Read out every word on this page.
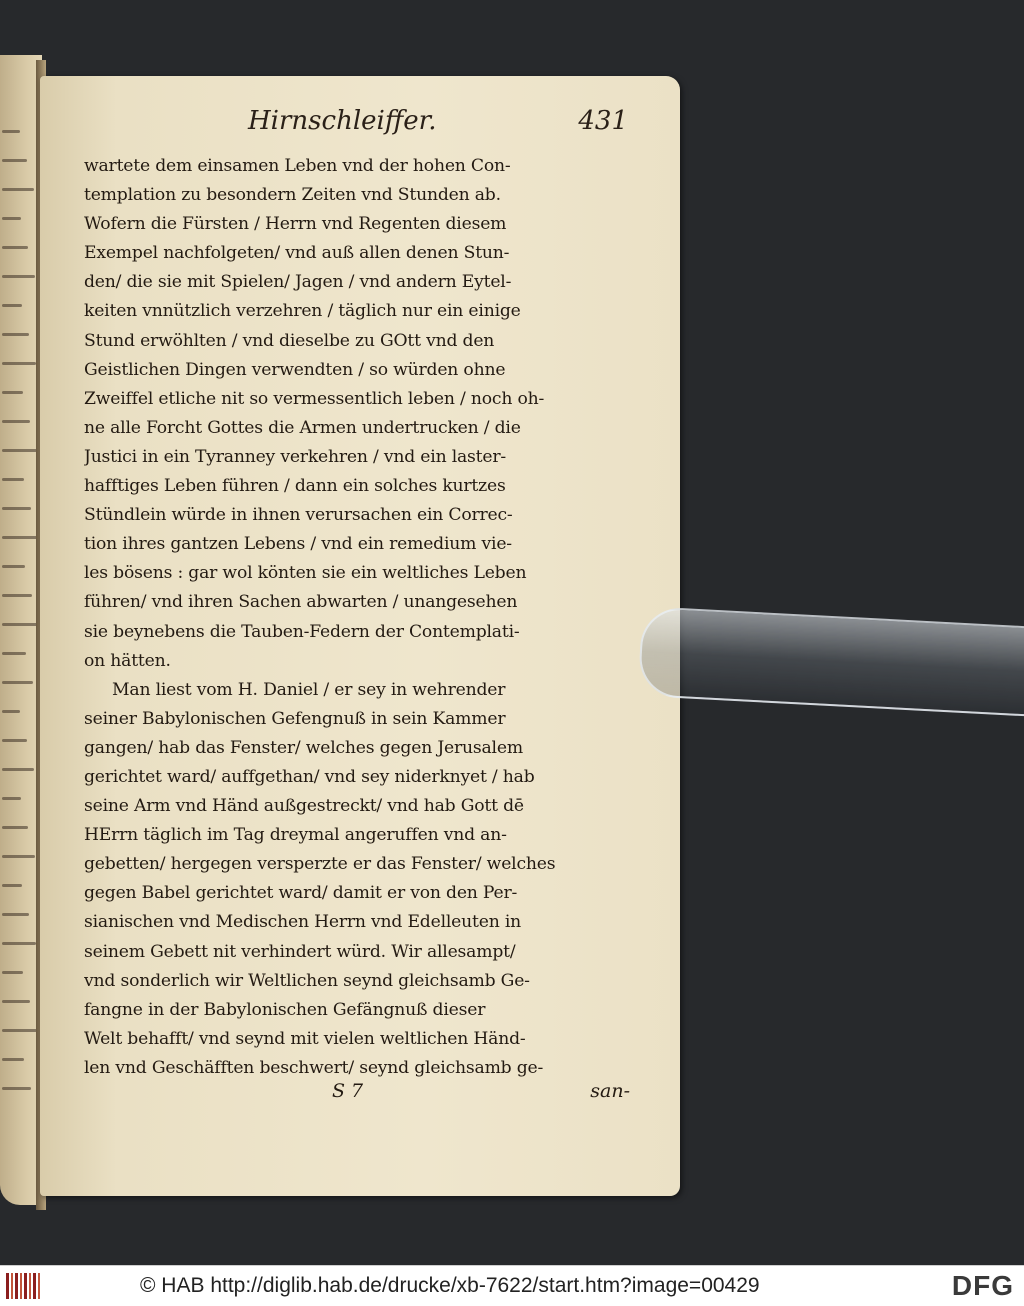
Hirnschleiffer.	431
wartete dem einsamen Leben vnd der hohen Con-
templation zu besondern Zeiten vnd Stunden ab.
Wofern die Fürsten / Herrn vnd Regenten diesem
Exempel nachfolgeten/ vnd auß allen denen Stun-
den/ die sie mit Spielen/ Jagen / vnd andern Eytel-
keiten vnnützlich verzehren / täglich nur ein einige
Stund erwöhlten / vnd dieselbe zu GOtt vnd den
Geistlichen Dingen verwendten / so würden ohne
Zweiffel etliche nit so vermessentlich leben / noch oh-
ne alle Forcht Gottes die Armen undertrucken / die
Justici in ein Tyranney verkehren / vnd ein laster-
hafftiges Leben führen / dann ein solches kurtzes
Stündlein würde in ihnen verursachen ein Correc-
tion ihres gantzen Lebens / vnd ein remedium vie-
les bösens : gar wol könten sie ein weltliches Leben
führen/ vnd ihren Sachen abwarten / unangesehen
sie beynebens die Tauben-Federn der Contemplati-
on hätten.
Man liest vom H. Daniel / er sey in wehrender
seiner Babylonischen Gefengnuß in sein Kammer
gangen/ hab das Fenster/ welches gegen Jerusalem
gerichtet ward/ auffgethan/ vnd sey niderknyet / hab
seine Arm vnd Händ außgestreckt/ vnd hab Gott dē
HErrn täglich im Tag dreymal angeruffen vnd an-
gebetten/ hergegen versperzte er das Fenster/ welches
gegen Babel gerichtet ward/ damit er von den Per-
sianischen vnd Medischen Herrn vnd Edelleuten in
seinem Gebett nit verhindert würd. Wir allesampt/
vnd sonderlich wir Weltlichen seynd gleichsamb Ge-
fangne in der Babylonischen Gefängnuß dieser
Welt behafft/ vnd seynd mit vielen weltlichen Händ-
len vnd Geschäfften beschwert/ seynd gleichsamb ge-
S 7	san-
© HAB http://diglib.hab.de/drucke/xb-7622/start.htm?image=00429	DFG
